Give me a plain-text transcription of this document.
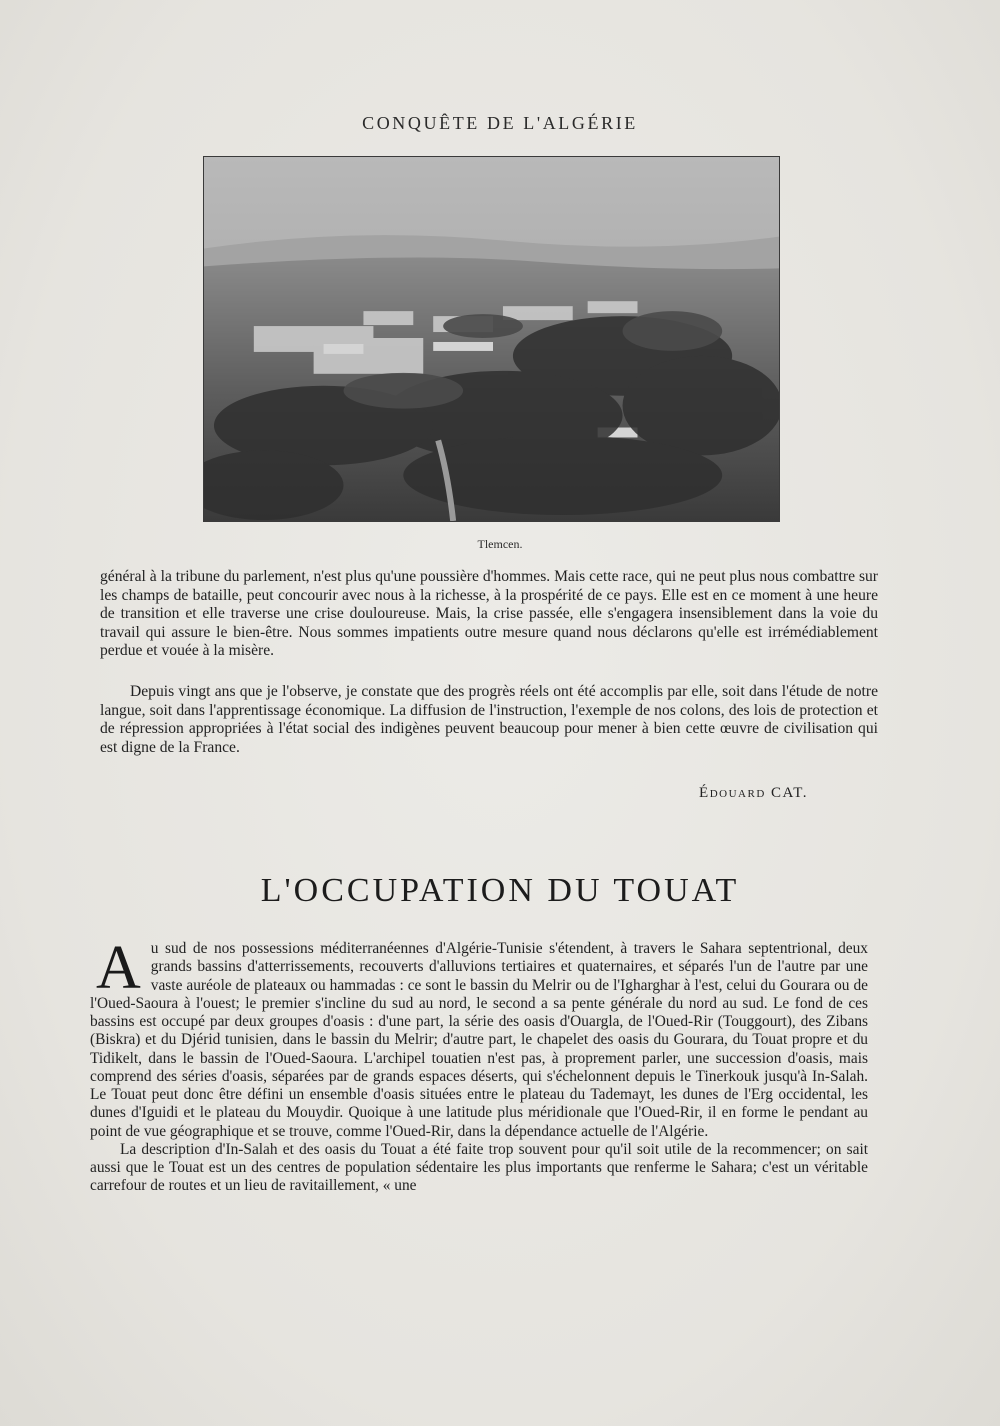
CONQUÊTE DE L'ALGÉRIE
Tlemcen.

général à la tribune du parlement, n'est plus qu'une poussière d'hommes. Mais cette race, qui ne peut plus nous combattre sur les champs de bataille, peut concourir avec nous à la richesse, à la prospérité de ce pays. Elle est en ce moment à une heure de transition et elle traverse une crise douloureuse. Mais, la crise passée, elle s'engagera insensiblement dans la voie du travail qui assure le bien-être. Nous sommes impatients outre mesure quand nous déclarons qu'elle est irrémédiablement perdue et vouée à la misère.

Depuis vingt ans que je l'observe, je constate que des progrès réels ont été accomplis par elle, soit dans l'étude de notre langue, soit dans l'apprentissage économique. La diffusion de l'instruction, l'exemple de nos colons, des lois de protection et de répression appropriées à l'état social des indigènes peuvent beaucoup pour mener à bien cette œuvre de civilisation qui est digne de la France.

Édouard CAT.
L'OCCUPATION DU TOUAT

Au sud de nos possessions méditerranéennes d'Algérie-Tunisie s'étendent, à travers le Sahara septentrional, deux grands bassins d'atterrissements, recouverts d'alluvions tertiaires et quaternaires, et séparés l'un de l'autre par une vaste auréole de plateaux ou hammadas : ce sont le bassin du Melrir ou de l'Igharghar à l'est, celui du Gourara ou de l'Oued-Saoura à l'ouest; le premier s'incline du sud au nord, le second a sa pente générale du nord au sud. Le fond de ces bassins est occupé par deux groupes d'oasis : d'une part, la série des oasis d'Ouargla, de l'Oued-Rir (Touggourt), des Zibans (Biskra) et du Djérid tunisien, dans le bassin du Melrir; d'autre part, le chapelet des oasis du Gourara, du Touat propre et du Tidikelt, dans le bassin de l'Oued-Saoura. L'archipel touatien n'est pas, à proprement parler, une succession d'oasis, mais comprend des séries d'oasis, séparées par de grands espaces déserts, qui s'échelonnent depuis le Tinerkouk jusqu'à In-Salah. Le Touat peut donc être défini un ensemble d'oasis situées entre le plateau du Tademayt, les dunes de l'Erg occidental, les dunes d'Iguidi et le plateau du Mouydir. Quoique à une latitude plus méridionale que l'Oued-Rir, il en forme le pendant au point de vue géographique et se trouve, comme l'Oued-Rir, dans la dépendance actuelle de l'Algérie.

La description d'In-Salah et des oasis du Touat a été faite trop souvent pour qu'il soit utile de la recommencer; on sait aussi que le Touat est un des centres de population sédentaire les plus importants que renferme le Sahara; c'est un véritable carrefour de routes et un lieu de ravitaillement, « une
